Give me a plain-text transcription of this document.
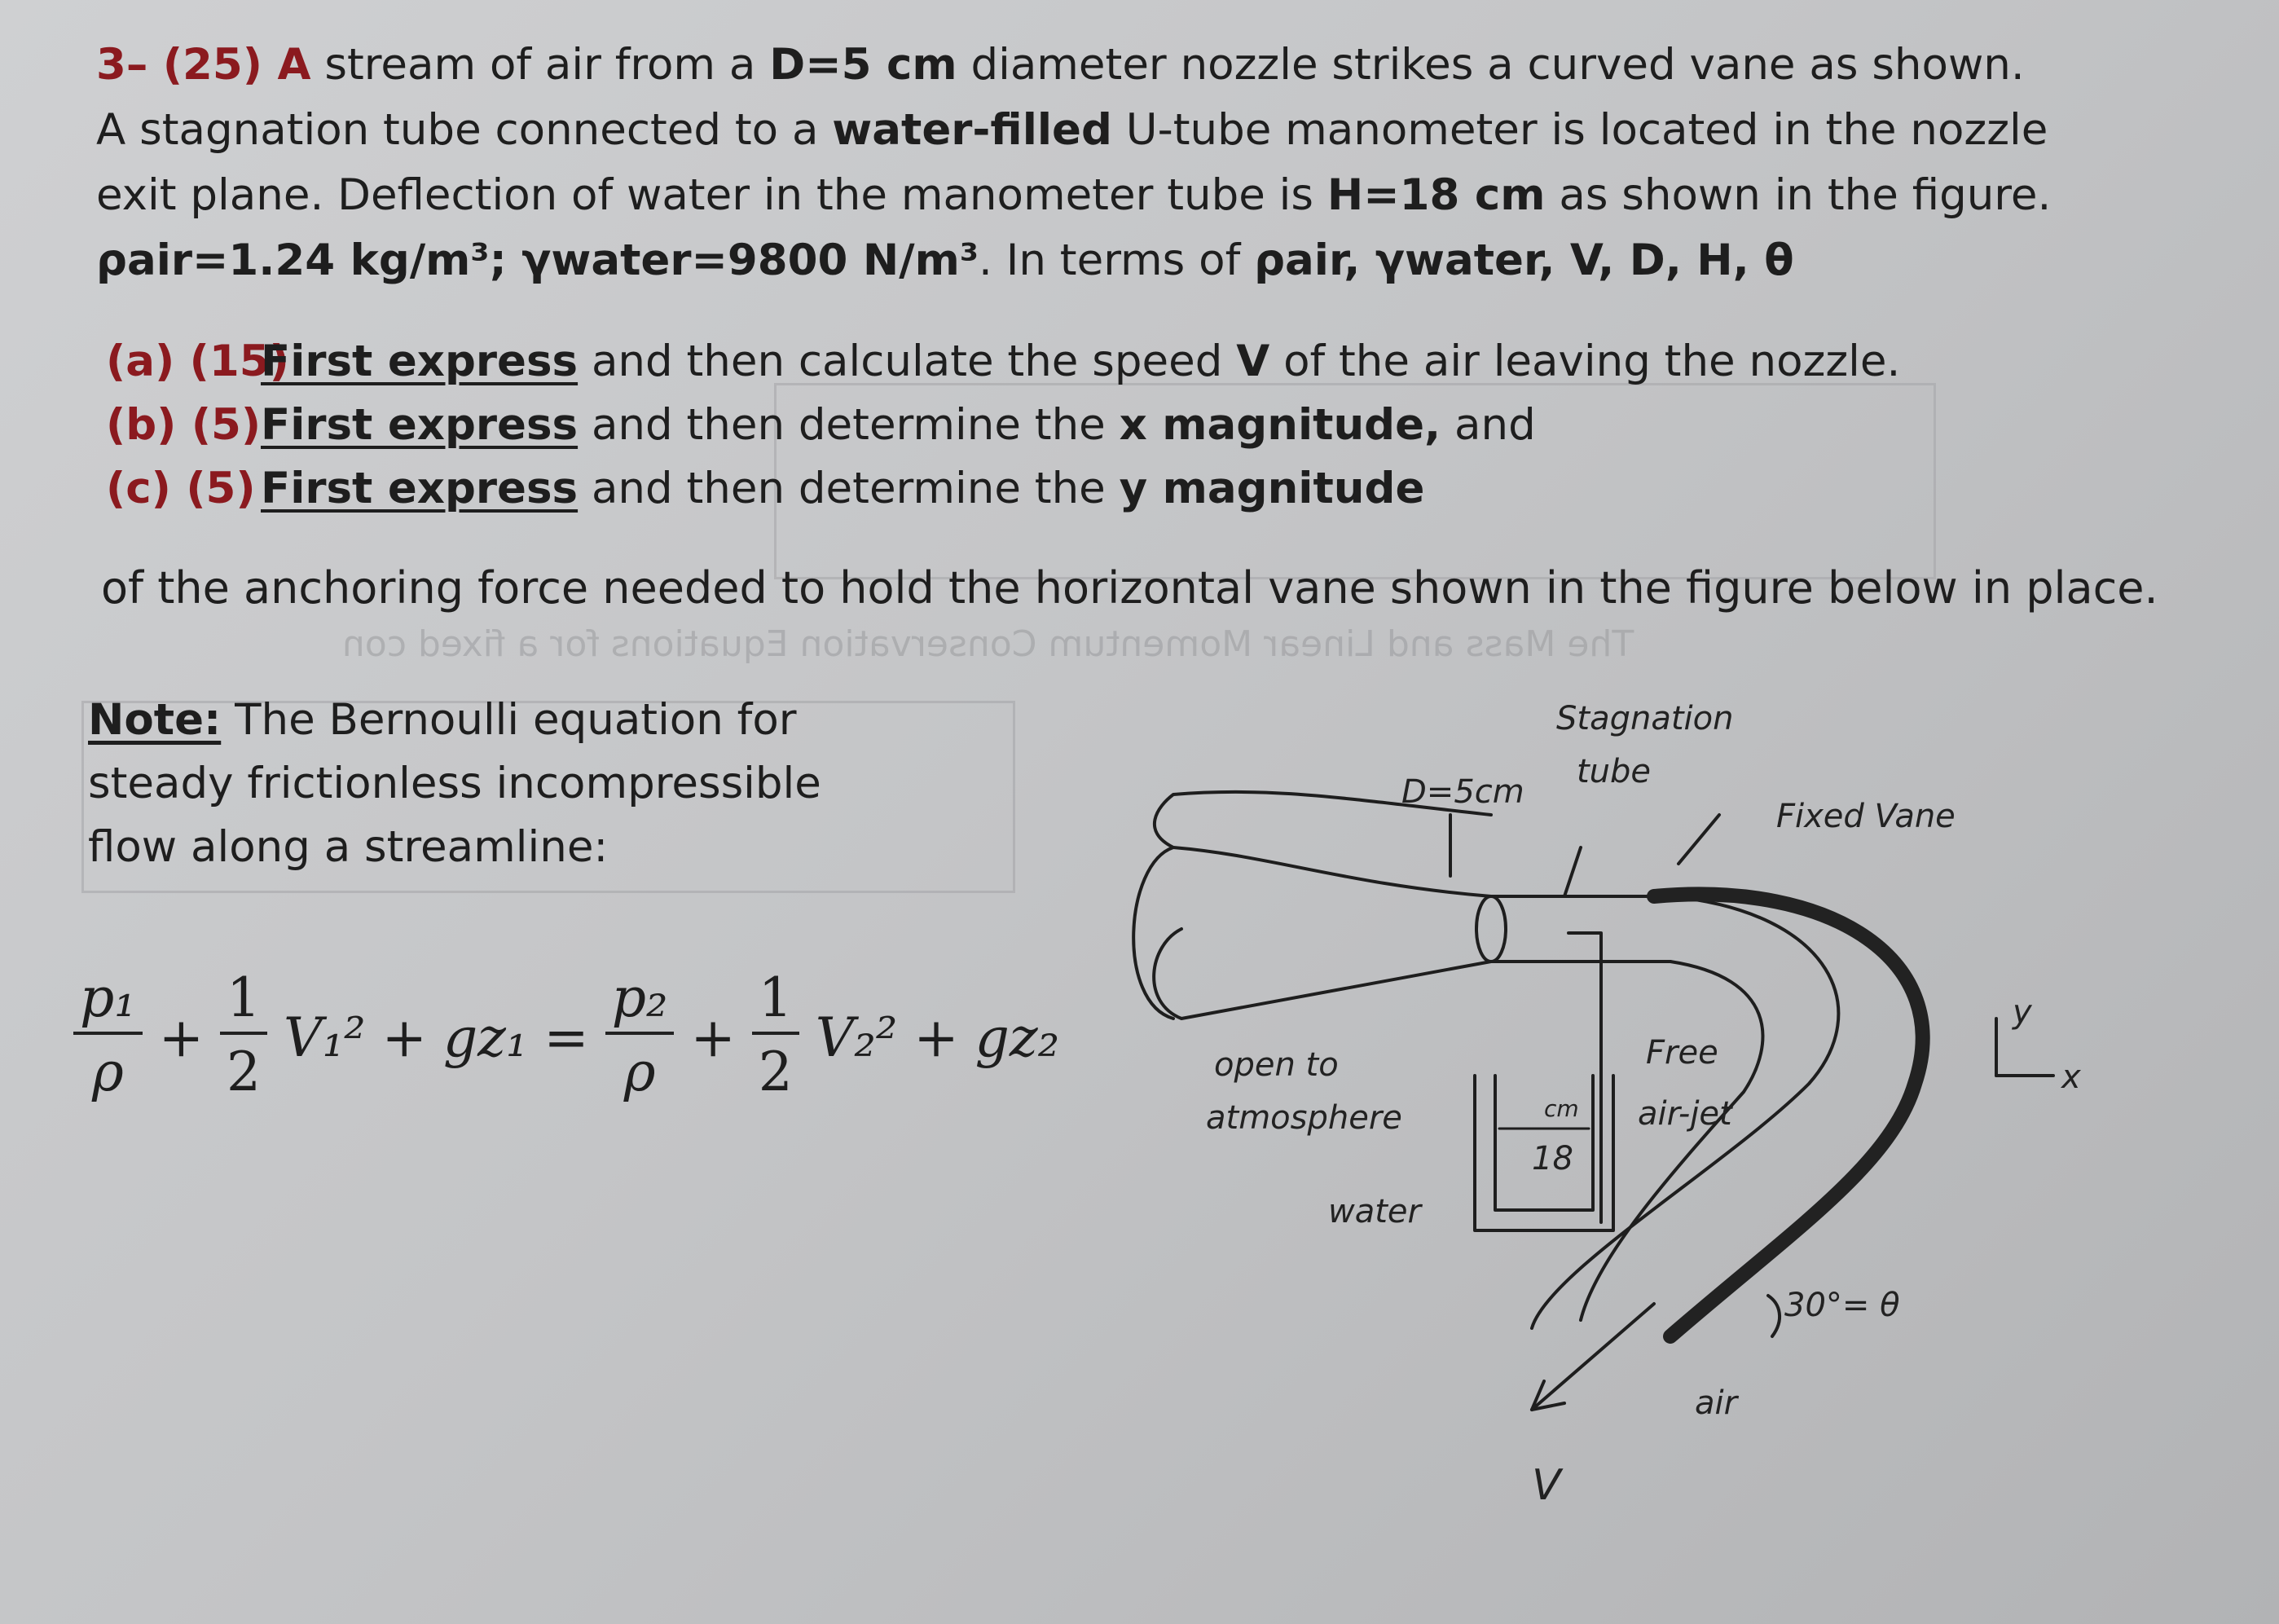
3– (25) A stream of air from a D=5 cm diameter nozzle strikes a curved vane as shown. A stagnation tube connected to a water-filled U-tube manometer is located in the nozzle exit plane. Deflection of water in the manometer tube is H=18 cm as shown in the figure. ρair=1.24 kg/m³; γwater=9800 N/m³. In terms of ρair, γwater, V, D, H, θ

(a) (15)First express and then calculate the speed V of the air leaving the nozzle.
(b) (5)First express and then determine the x magnitude, and
(c) (5) First express and then determine the y magnitude
of the anchoring force needed to hold the horizontal vane shown in the figure below in place.
The Mass and Linear Momentum Conservation Equations for a fixed con
Note: The Bernoulli equation for
steady frictionless incompressible
flow along a streamline:
$\frac{\text{p₁}}{\rho} + \frac{1}{2} V_1^2 + gz_1 = \frac{\text{p₂}}{\rho} + \frac{1}{2} V_2^2 + gz_2$
D=5cm
Stagnation
tube
Fixed Vane
open to
atmosphere
water
cm
18
Free
air-jet
30°= θ
air
V
y
x
